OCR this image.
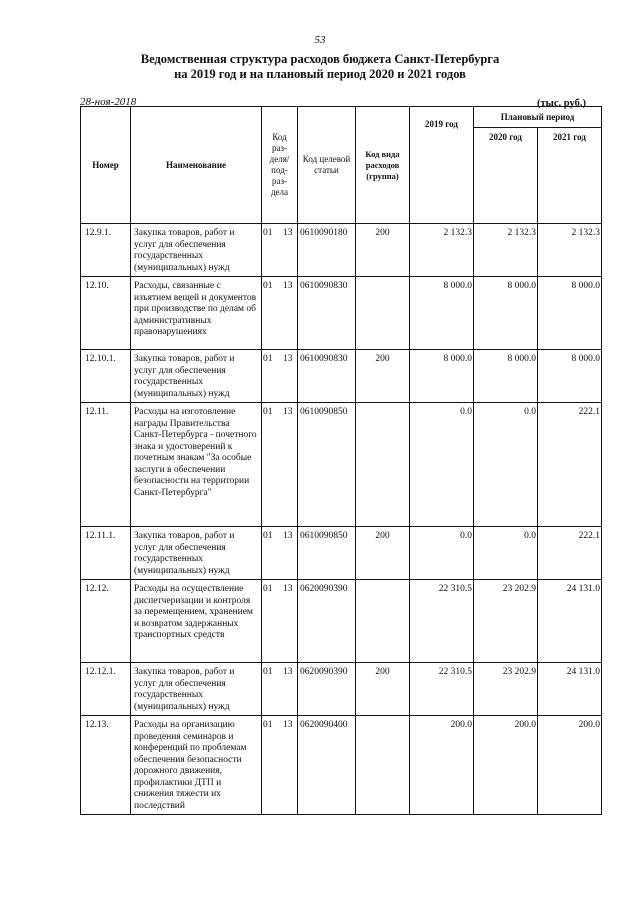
53
Ведомственная структура расходов бюджета Санкт-Петербурга
на 2019 год и на плановый период 2020 и 2021 годов
28-ноя-2018	(тыс. руб.)
Номер	Наименование	Код раз-деля/ под-раз-дела	Код целевой статьи	Код вида расходов (группа)	2019 год	Плановый период	
						2020 год	2021 год
12.9.1.	Закупка товаров, работ и услуг для обеспечения государственных (муниципальных) нужд	01 13	0610090180	200	2 132.3	2 132.3	2 132.3
12.10.	Расходы, связанные с изъятием вещей и документов при производстве по делам об административных правонарушениях	01 13	0610090830		8 000.0	8 000.0	8 000.0
12.10.1.	Закупка товаров, работ и услуг для обеспечения государственных (муниципальных) нужд	01 13	0610090830	200	8 000.0	8 000.0	8 000.0
12.11.	Расходы на изготовление награды Правительства Санкт-Петербурга - почетного знака и удостоверений к почетным знакам "За особые заслуги в обеспечении безопасности на территории Санкт-Петербурга"	01 13	0610090850		0.0	0.0	222.1
12.11.1.	Закупка товаров, работ и услуг для обеспечения государственных (муниципальных) нужд	01 13	0610090850	200	0.0	0.0	222.1
12.12.	Расходы на осуществление диспетчеризации и контроля за перемещением, хранением и возвратом задержанных транспортных средств	01 13	0620090390		22 310.5	23 202.9	24 131.0
12.12.1.	Закупка товаров, работ и услуг для обеспечения государственных (муниципальных) нужд	01 13	0620090390	200	22 310.5	23 202.9	24 131.0
12.13.	Расходы на организацию проведения семинаров и конференций по проблемам обеспечения безопасности дорожного движения, профилактики ДТП и снижения тяжести их последствий	01 13	0620090400		200.0	200.0	200.0
